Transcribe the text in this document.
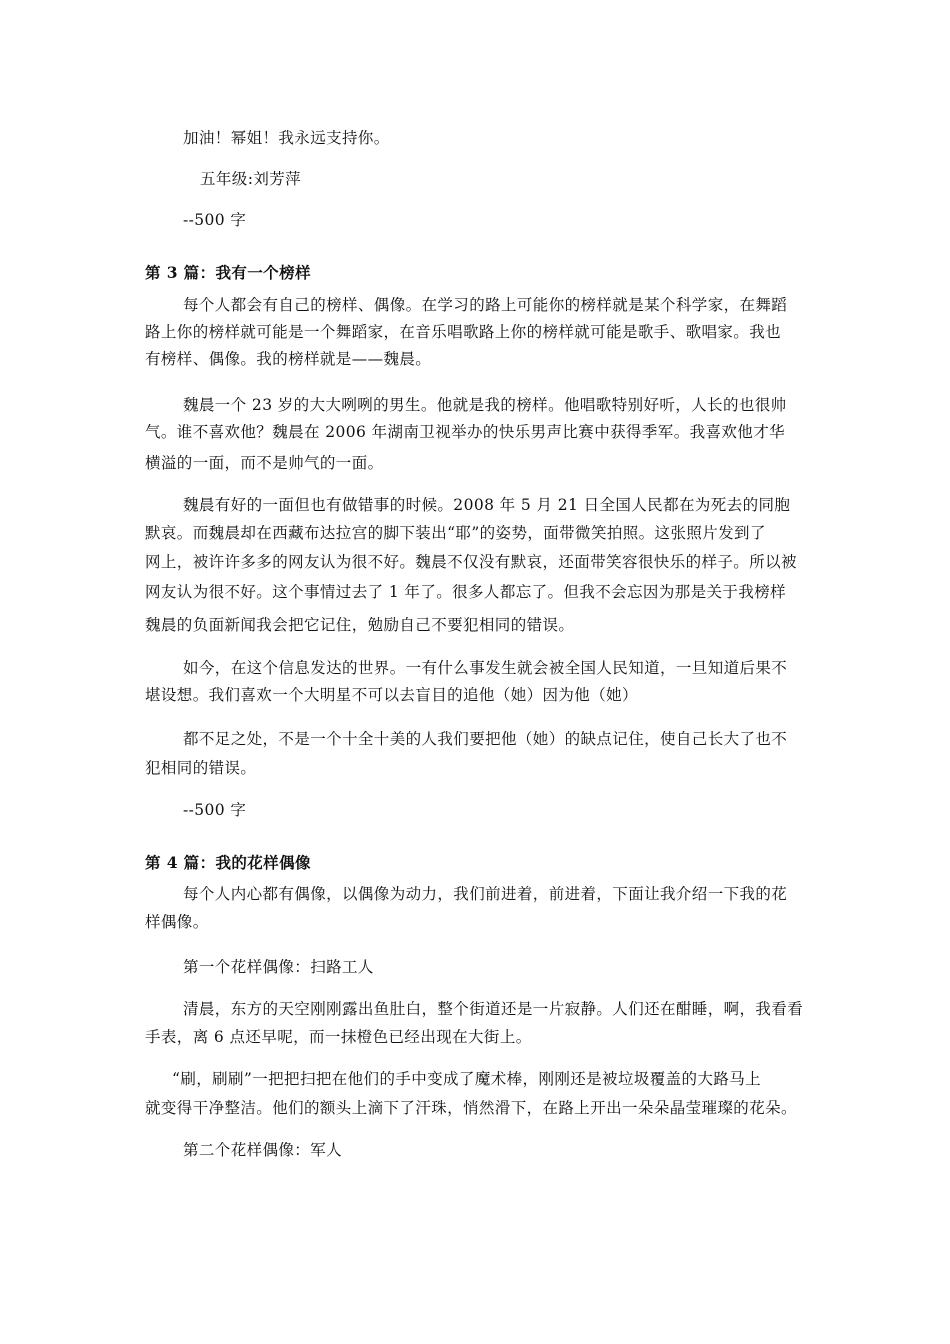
加油！幂姐！我永远支持你。
五年级:刘芳萍
--500 字
第 3 篇：我有一个榜样
每个人都会有自己的榜样、偶像。在学习的路上可能你的榜样就是某个科学家，在舞蹈
路上你的榜样就可能是一个舞蹈家，在音乐唱歌路上你的榜样就可能是歌手、歌唱家。我也
有榜样、偶像。我的榜样就是——魏晨。
魏晨一个 23 岁的大大咧咧的男生。他就是我的榜样。他唱歌特别好听，人长的也很帅
气。谁不喜欢他？魏晨在 2006 年湖南卫视举办的快乐男声比赛中获得季军。我喜欢他才华
横溢的一面，而不是帅气的一面。
魏晨有好的一面但也有做错事的时候。2008 年 5 月 21 日全国人民都在为死去的同胞
默哀。而魏晨却在西藏布达拉宫的脚下装出“耶”的姿势，面带微笑拍照。这张照片发到了
网上，被许许多多的网友认为很不好。魏晨不仅没有默哀，还面带笑容很快乐的样子。所以被
网友认为很不好。这个事情过去了 1 年了。很多人都忘了。但我不会忘因为那是关于我榜样
魏晨的负面新闻我会把它记住，勉励自己不要犯相同的错误。
如今，在这个信息发达的世界。一有什么事发生就会被全国人民知道，一旦知道后果不
堪设想。我们喜欢一个大明星不可以去盲目的追他（她）因为他（她）
都不足之处，不是一个十全十美的人我们要把他（她）的缺点记住，使自己长大了也不
犯相同的错误。
--500 字
第 4 篇：我的花样偶像
每个人内心都有偶像，以偶像为动力，我们前进着，前进着，下面让我介绍一下我的花
样偶像。
第一个花样偶像：扫路工人
清晨，东方的天空刚刚露出鱼肚白，整个街道还是一片寂静。人们还在酣睡，啊，我看看
手表，离 6 点还早呢，而一抹橙色已经出现在大街上。
“刷，刷刷”一把把扫把在他们的手中变成了魔术棒，刚刚还是被垃圾覆盖的大路马上
就变得干净整洁。他们的额头上滴下了汗珠，悄然滑下，在路上开出一朵朵晶莹璀璨的花朵。
第二个花样偶像：军人
